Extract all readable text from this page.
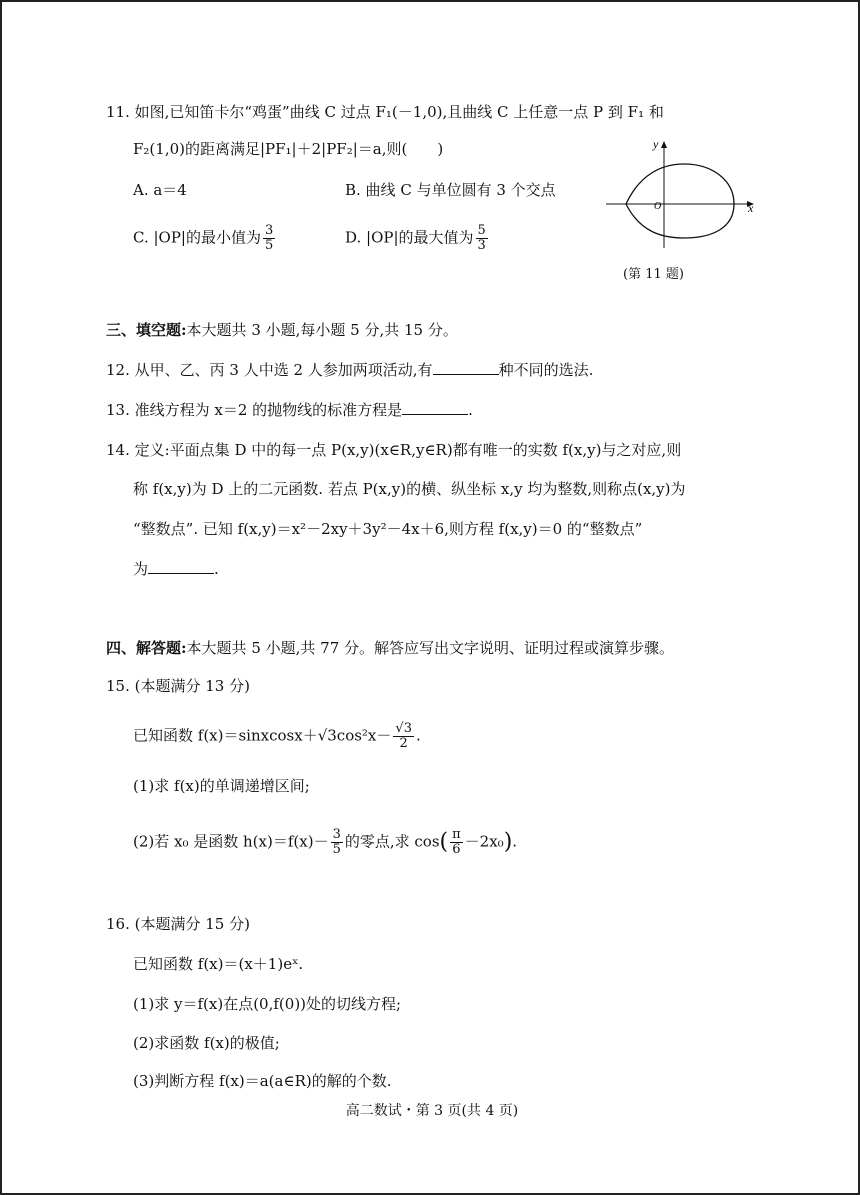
11. 如图,已知笛卡尔“鸡蛋”曲线 C 过点 F₁(－1,0),且曲线 C 上任意一点 P 到 F₁ 和
F₂(1,0)的距离满足|PF₁|＋2|PF₂|＝a,则(　　)
A. a＝4	B. 曲线 C 与单位圆有 3 个交点
C. |OP|的最小值为 $\frac{3}{5}$	D. |OP|的最大值为 $\frac{5}{3}$
y
x
O
(第 11 题)
三、填空题:本大题共 3 小题,每小题 5 分,共 15 分。
12. 从甲、乙、丙 3 人中选 2 人参加两项活动,有	种不同的选法.
13. 准线方程为 x＝2 的抛物线的标准方程是	.
14. 定义:平面点集 D 中的每一点 P(x,y)(x∈R,y∈R)都有唯一的实数 f(x,y)与之对应,则
称 f(x,y)为 D 上的二元函数. 若点 P(x,y)的横、纵坐标 x,y 均为整数,则称点(x,y)为
“整数点”. 已知 f(x,y)＝x²－2xy＋3y²－4x＋6,则方程 f(x,y)＝0 的“整数点”
为	.
四、解答题:本大题共 5 小题,共 77 分。解答应写出文字说明、证明过程或演算步骤。
15. (本题满分 13 分)
已知函数 f(x)＝sinxcosx＋√3cos²x－ $\frac{√3}{2}$ .
(1)求 f(x)的单调递增区间;
(2)若 x₀ 是函数 $h(x)=f(x)- \frac{3}{5}$ 的零点,求 $\cos( \frac{\pi}{6} -2x_0)$.
16. (本题满分 15 分)
已知函数 f(x)＝(x＋1)eˣ.
(1)求 y＝f(x)在点(0,f(0))处的切线方程;
(2)求函数 f(x)的极值;
(3)判断方程 f(x)＝a(a∈R)的解的个数.
高二数试・第 3 页(共 4 页)
